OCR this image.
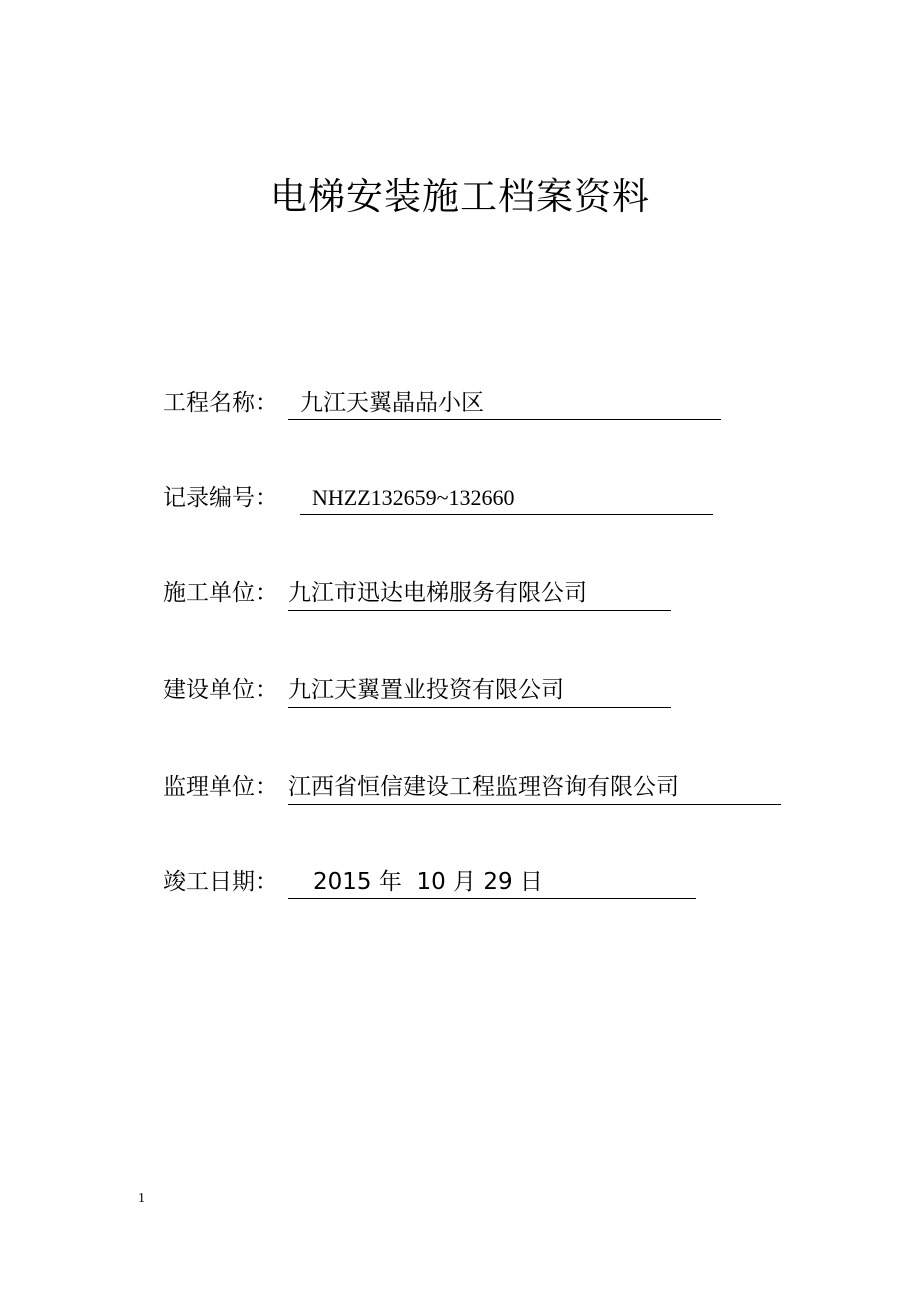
电梯安装施工档案资料
工程名称： 九江天翼晶品小区
记录编号：	NHZZ132659~132660
施工单位： 九江市迅达电梯服务有限公司
建设单位： 九江天翼置业投资有限公司
监理单位： 江西省恒信建设工程监理咨询有限公司
竣工日期：	2015 年  10 月 29 日
1
